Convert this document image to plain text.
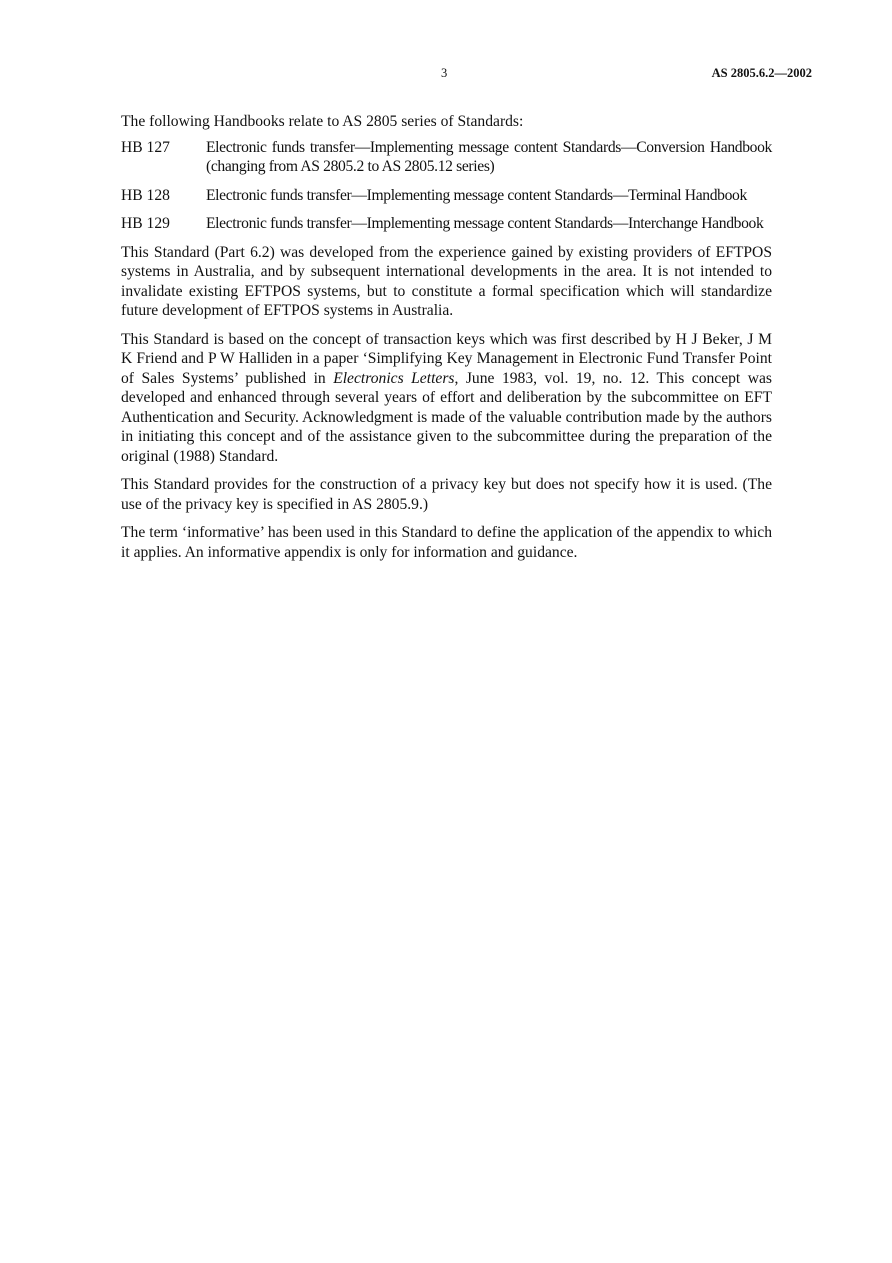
3	AS 2805.6.2—2002

The following Handbooks relate to AS 2805 series of Standards:

HB 127	Electronic funds transfer—Implementing message content Standards—Conversion Handbook (changing from AS 2805.2 to AS 2805.12 series)
HB 128	Electronic funds transfer—Implementing message content Standards—Terminal Handbook
HB 129	Electronic funds transfer—Implementing message content Standards—Interchange Handbook

This Standard (Part 6.2) was developed from the experience gained by existing providers of EFTPOS systems in Australia, and by subsequent international developments in the area. It is not intended to invalidate existing EFTPOS systems, but to constitute a formal specification which will standardize future development of EFTPOS systems in Australia.

This Standard is based on the concept of transaction keys which was first described by H J Beker, J M K Friend and P W Halliden in a paper ‘Simplifying Key Management in Electronic Fund Transfer Point of Sales Systems’ published in Electronics Letters, June 1983, vol. 19, no. 12. This concept was developed and enhanced through several years of effort and deliberation by the subcommittee on EFT Authentication and Security. Acknowledgment is made of the valuable contribution made by the authors in initiating this concept and of the assistance given to the subcommittee during the preparation of the original (1988) Standard.

This Standard provides for the construction of a privacy key but does not specify how it is used. (The use of the privacy key is specified in AS 2805.9.)

The term ‘informative’ has been used in this Standard to define the application of the appendix to which it applies. An informative appendix is only for information and guidance.
